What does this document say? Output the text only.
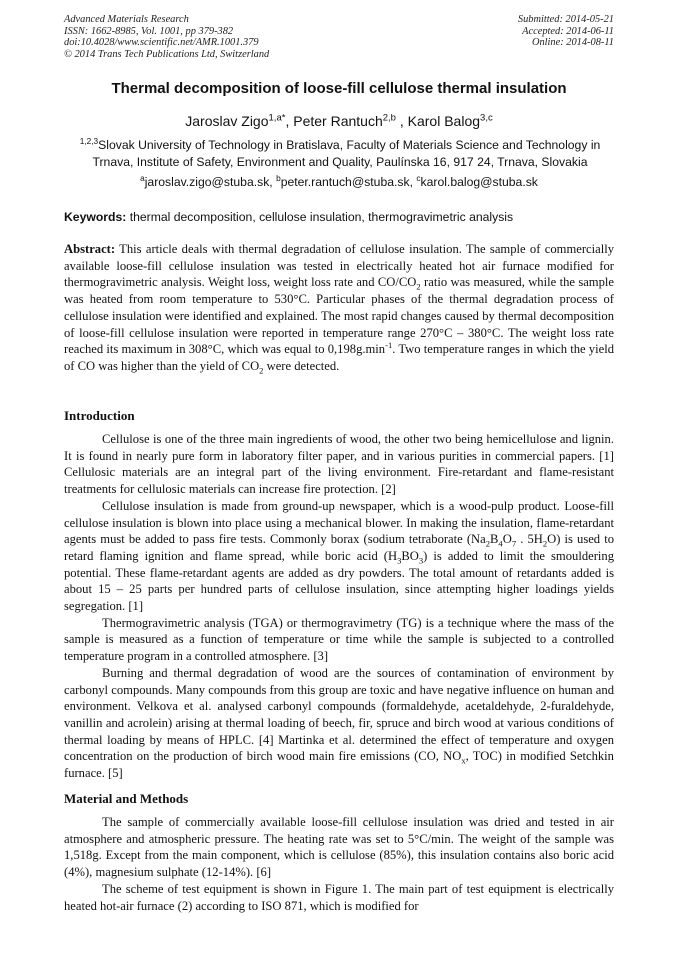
Advanced Materials Research
ISSN: 1662-8985, Vol. 1001, pp 379-382
doi:10.4028/www.scientific.net/AMR.1001.379
© 2014 Trans Tech Publications Ltd, Switzerland
Submitted: 2014-05-21
Accepted: 2014-06-11
Online: 2014-08-11
Thermal decomposition of loose-fill cellulose thermal insulation
Jaroslav Zigo$^{1,a*}$, Peter Rantuch$^{2,b}$ , Karol Balog$^{3,c}$
$^{1,2,3}$Slovak University of Technology in Bratislava, Faculty of Materials Science and Technology in Trnava, Institute of Safety, Environment and Quality, Paulínska 16, 917 24, Trnava, Slovakia
$^a$jaroslav.zigo@stuba.sk, $^b$peter.rantuch@stuba.sk, $^c$karol.balog@stuba.sk
Keywords: thermal decomposition, cellulose insulation, thermogravimetric analysis

Abstract: This article deals with thermal degradation of cellulose insulation. The sample of commercially available loose-fill cellulose insulation was tested in electrically heated hot air furnace modified for thermogravimetric analysis. Weight loss, weight loss rate and $CO/CO_2$ ratio was measured, while the sample was heated from room temperature to 530°C. Particular phases of the thermal degradation process of cellulose insulation were identified and explained. The most rapid changes caused by thermal decomposition of loose-fill cellulose insulation were reported in temperature range 270°C – 380°C. The weight loss rate reached its maximum in 308°C, which was equal to $0,198g.\min^{-1}$. Two temperature ranges in which the yield of CO was higher than the yield of $CO_2$ were detected.

Introduction

Cellulose is one of the three main ingredients of wood, the other two being hemicellulose and lignin. It is found in nearly pure form in laboratory filter paper, and in various purities in commercial papers. [1] Cellulosic materials are an integral part of the living environment. Fire-retardant and flame-resistant treatments for cellulosic materials can increase fire protection. [2]

Cellulose insulation is made from ground-up newspaper, which is a wood-pulp product. Loose-fill cellulose insulation is blown into place using a mechanical blower. In making the insulation, flame-retardant agents must be added to pass fire tests. Commonly borax (sodium tetraborate ($Na_2B_4O_7$ . $5H_2O$) is used to retard flaming ignition and flame spread, while boric acid $(H_3BO_3)$ is added to limit the smouldering potential. These flame-retardant agents are added as dry powders. The total amount of retardants added is about 15 – 25 parts per hundred parts of cellulose insulation, since attempting higher loadings yields segregation. [1]

Thermogravimetric analysis (TGA) or thermogravimetry (TG) is a technique where the mass of the sample is measured as a function of temperature or time while the sample is subjected to a controlled temperature program in a controlled atmosphere. [3]

Burning and thermal degradation of wood are the sources of contamination of environment by carbonyl compounds. Many compounds from this group are toxic and have negative influence on human and environment. Velkova et al. analysed carbonyl compounds (formaldehyde, acetaldehyde, 2-furaldehyde, vanillin and acrolein) arising at thermal loading of beech, fir, spruce and birch wood at various conditions of thermal loading by means of HPLC. [4] Martinka et al. determined the effect of temperature and oxygen concentration on the production of birch wood main fire emissions (CO, $NO_x$, TOC) in modified Setchkin furnace. [5]

Material and Methods

The sample of commercially available loose-fill cellulose insulation was dried and tested in air atmosphere and atmospheric pressure. The heating rate was set to 5°C/min. The weight of the sample was 1,518g. Except from the main component, which is cellulose (85%), this insulation contains also boric acid (4%), magnesium sulphate (12-14%). [6]

The scheme of test equipment is shown in Figure 1. The main part of test equipment is electrically heated hot-air furnace (2) according to ISO 871, which is modified for
